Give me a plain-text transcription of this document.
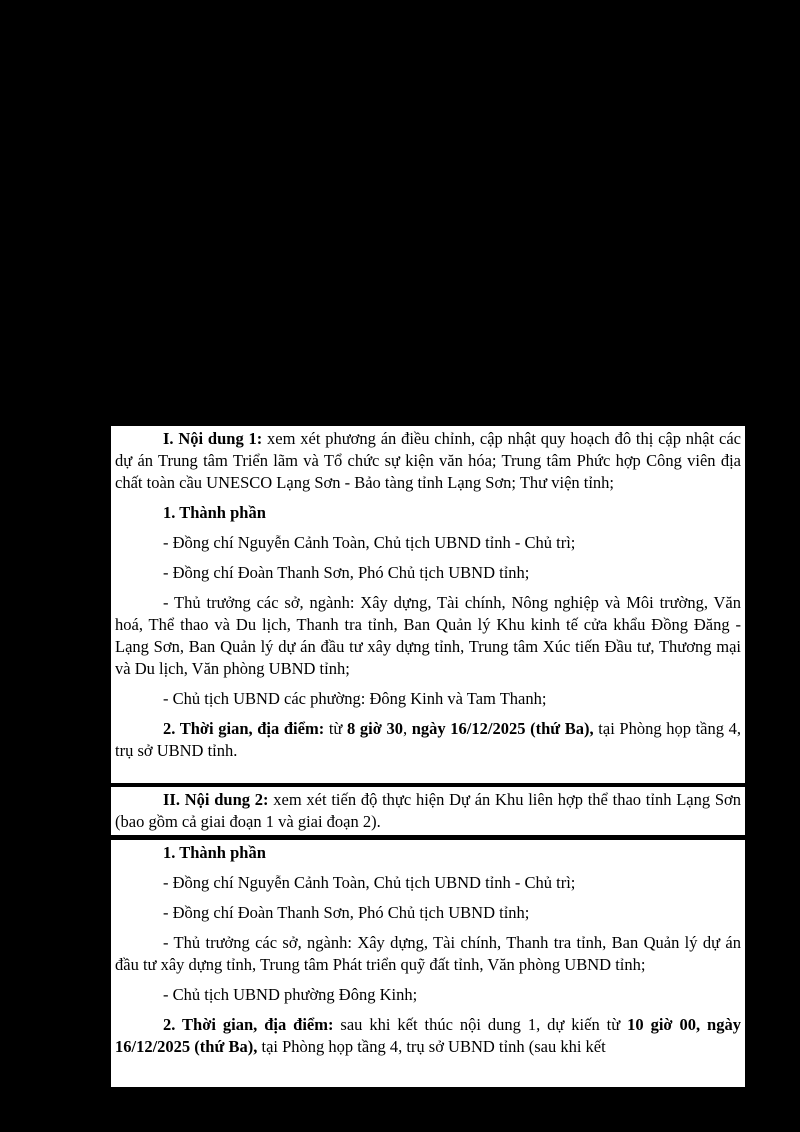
I. Nội dung 1: xem xét phương án điều chỉnh, cập nhật quy hoạch đô thị cập nhật các dự án Trung tâm Triển lãm và Tổ chức sự kiện văn hóa; Trung tâm Phức hợp Công viên địa chất toàn cầu UNESCO Lạng Sơn - Bảo tàng tỉnh Lạng Sơn; Thư viện tỉnh;

1. Thành phần

- Đồng chí Nguyễn Cảnh Toàn, Chủ tịch UBND tỉnh - Chủ trì;

- Đồng chí Đoàn Thanh Sơn, Phó Chủ tịch UBND tỉnh;

- Thủ trưởng các sở, ngành: Xây dựng, Tài chính, Nông nghiệp và Môi trường, Văn hoá, Thể thao và Du lịch, Thanh tra tỉnh, Ban Quản lý Khu kinh tế cửa khẩu Đồng Đăng - Lạng Sơn, Ban Quản lý dự án đầu tư xây dựng tỉnh, Trung tâm Xúc tiến Đầu tư, Thương mại và Du lịch, Văn phòng UBND tỉnh;

- Chủ tịch UBND các phường: Đông Kinh và Tam Thanh;

2. Thời gian, địa điểm: từ 8 giờ 30, ngày 16/12/2025 (thứ Ba), tại Phòng họp tầng 4, trụ sở UBND tỉnh.

II. Nội dung 2: xem xét tiến độ thực hiện Dự án Khu liên hợp thể thao tỉnh Lạng Sơn (bao gồm cả giai đoạn 1 và giai đoạn 2).

1. Thành phần

- Đồng chí Nguyễn Cảnh Toàn, Chủ tịch UBND tỉnh - Chủ trì;

- Đồng chí Đoàn Thanh Sơn, Phó Chủ tịch UBND tỉnh;

- Thủ trưởng các sở, ngành: Xây dựng, Tài chính, Thanh tra tỉnh, Ban Quản lý dự án đầu tư xây dựng tỉnh, Trung tâm Phát triển quỹ đất tỉnh, Văn phòng UBND tỉnh;

- Chủ tịch UBND phường Đông Kinh;

2. Thời gian, địa điểm: sau khi kết thúc nội dung 1, dự kiến từ 10 giờ 00, ngày 16/12/2025 (thứ Ba), tại Phòng họp tầng 4, trụ sở UBND tỉnh (sau khi kết
